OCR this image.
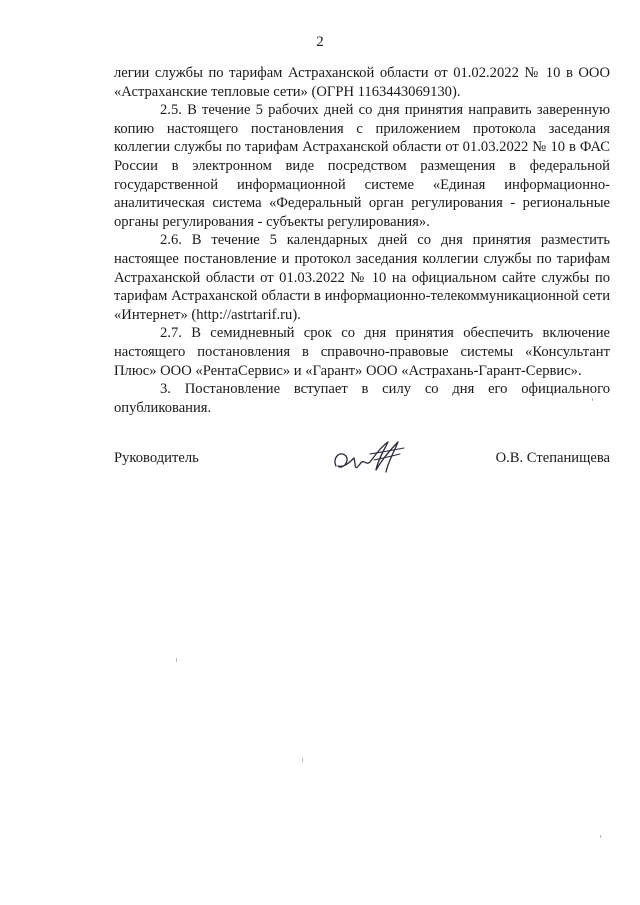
2

легии службы по тарифам Астраханской области от 01.02.2022 № 10 в ООО «Астраханские тепловые сети» (ОГРН 1163443069130).

2.5. В течение 5 рабочих дней со дня принятия направить заверенную копию настоящего постановления с приложением протокола заседания коллегии службы по тарифам Астраханской области от 01.03.2022 № 10 в ФАС России в электронном виде посредством размещения в федеральной государственной информационной системе «Единая информационно-аналитическая система «Федеральный орган регулирования - региональные органы регулирования - субъекты регулирования».

2.6. В течение 5 календарных дней со дня принятия разместить настоящее постановление и протокол заседания коллегии службы по тарифам Астраханской области от 01.03.2022 № 10 на официальном сайте службы по тарифам Астраханской области в информационно-телекоммуникационной сети «Интернет» (http://astrtarif.ru).

2.7. В семидневный срок со дня принятия обеспечить включение настоящего постановления в справочно-правовые системы «Консультант Плюс» ООО «РентаСервис» и «Гарант» ООО «Астрахань-Гарант-Сервис».

3. Постановление вступает в силу со дня его официального опубликования.

Руководитель	О.В. Степанищева
